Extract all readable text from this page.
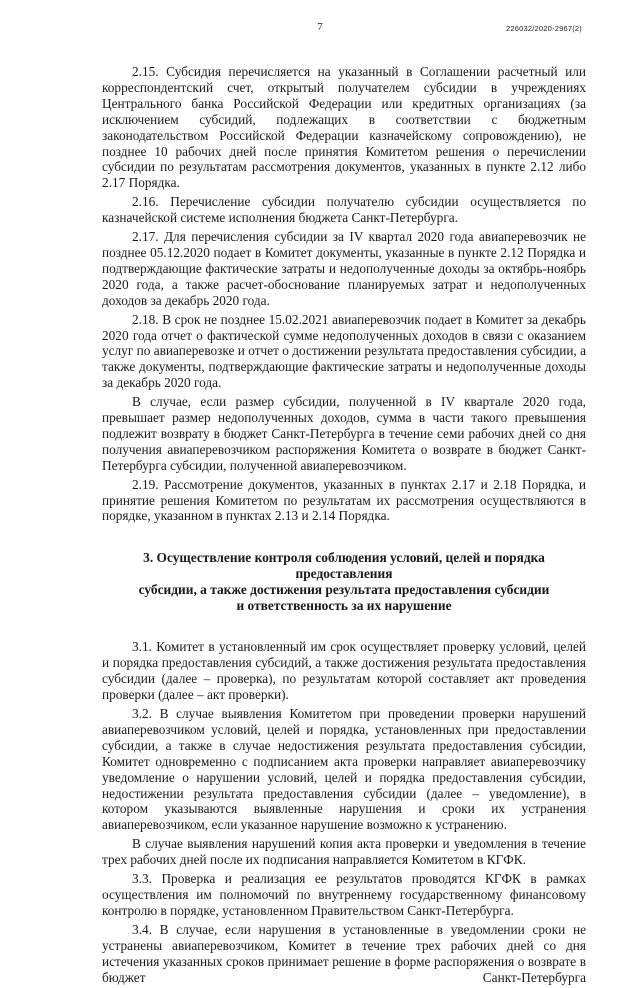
7	226032/2020-2967(2)

2.15. Субсидия перечисляется на указанный в Соглашении расчетный или корреспондентский счет, открытый получателем субсидии в учреждениях Центрального банка Российской Федерации или кредитных организациях (за исключением субсидий, подлежащих в соответствии с бюджетным законодательством Российской Федерации казначейскому сопровождению), не позднее 10 рабочих дней после принятия Комитетом решения о перечислении субсидии по результатам рассмотрения документов, указанных в пункте 2.12 либо 2.17 Порядка.

2.16. Перечисление субсидии получателю субсидии осуществляется по казначейской системе исполнения бюджета Санкт-Петербурга.

2.17. Для перечисления субсидии за IV квартал 2020 года авиаперевозчик не позднее 05.12.2020 подает в Комитет документы, указанные в пункте 2.12 Порядка и подтверждающие фактические затраты и недополученные доходы за октябрь-ноябрь 2020 года, а также расчет-обоснование планируемых затрат и недополученных доходов за декабрь 2020 года.

2.18. В срок не позднее 15.02.2021 авиаперевозчик подает в Комитет за декабрь 2020 года отчет о фактической сумме недополученных доходов в связи с оказанием услуг по авиаперевозке и отчет о достижении результата предоставления субсидии, а также документы, подтверждающие фактические затраты и недополученные доходы за декабрь 2020 года.

В случае, если размер субсидии, полученной в IV квартале 2020 года, превышает размер недополученных доходов, сумма в части такого превышения подлежит возврату в бюджет Санкт-Петербурга в течение семи рабочих дней со дня получения авиаперевозчиком распоряжения Комитета о возврате в бюджет Санкт-Петербурга субсидии, полученной авиаперевозчиком.

2.19. Рассмотрение документов, указанных в пунктах 2.17 и 2.18 Порядка, и принятие решения Комитетом по результатам их рассмотрения осуществляются в порядке, указанном в пунктах 2.13 и 2.14 Порядка.

3. Осуществление контроля соблюдения условий, целей и порядка предоставления
субсидии, а также достижения результата предоставления субсидии
и ответственность за их нарушение

3.1. Комитет в установленный им срок осуществляет проверку условий, целей и порядка предоставления субсидий, а также достижения результата предоставления субсидии (далее – проверка), по результатам которой составляет акт проведения проверки (далее – акт проверки).

3.2. В случае выявления Комитетом при проведении проверки нарушений авиаперевозчиком условий, целей и порядка, установленных при предоставлении субсидии, а также в случае недостижения результата предоставления субсидии, Комитет одновременно с подписанием акта проверки направляет авиаперевозчику уведомление о нарушении условий, целей и порядка предоставления субсидии, недостижении результата предоставления субсидии (далее – уведомление), в котором указываются выявленные нарушения и сроки их устранения авиаперевозчиком, если указанное нарушение возможно к устранению.

В случае выявления нарушений копия акта проверки и уведомления в течение трех рабочих дней после их подписания направляется Комитетом в КГФК.

3.3. Проверка и реализация ее результатов проводятся КГФК в рамках осуществления им полномочий по внутреннему государственному финансовому контролю в порядке, установленном Правительством Санкт-Петербурга.

3.4. В случае, если нарушения в установленные в уведомлении сроки не устранены авиаперевозчиком, Комитет в течение трех рабочих дней со дня истечения указанных сроков принимает решение в форме распоряжения о возврате в бюджет Санкт-Петербурга
